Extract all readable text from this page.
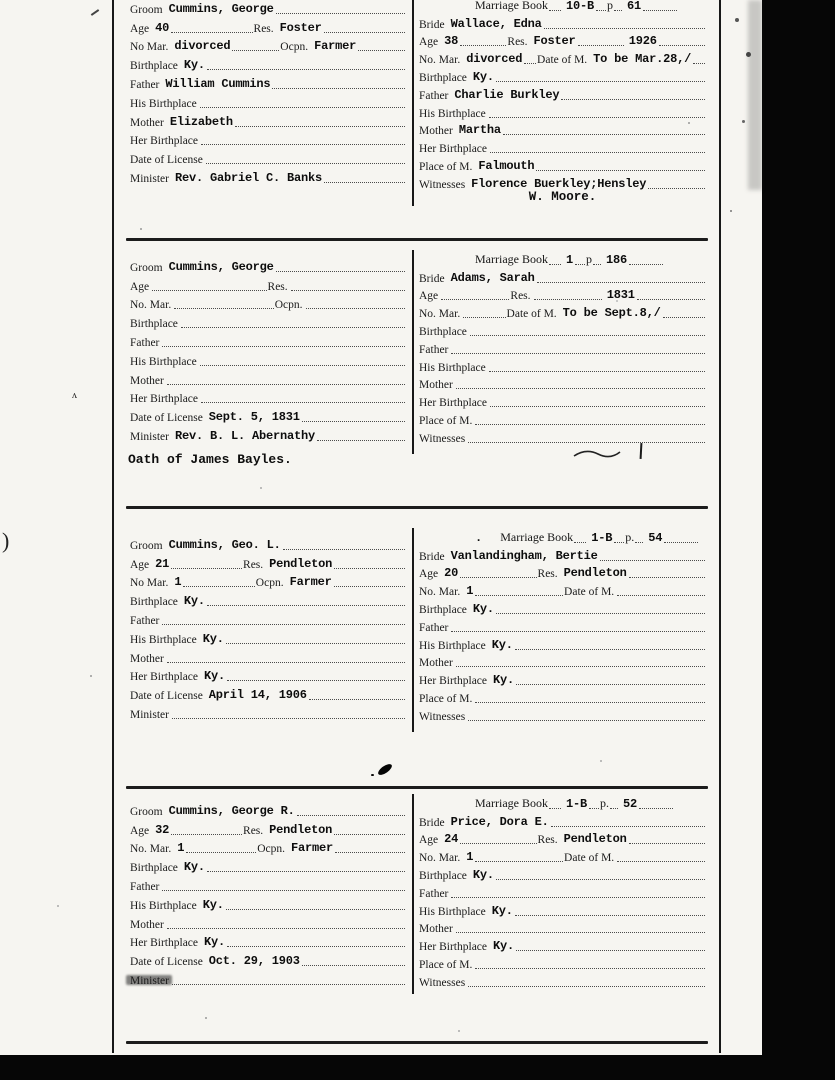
)
ʌ
Groom Cummins, George
Age 40	Res. Foster
No Mar. divorced	Ocpn. Farmer
Birthplace Ky.
Father William Cummins
His Birthplace
Mother Elizabeth
Her Birthplace
Date of License
Minister Rev. Gabriel C. Banks
Marriage Book	10-B p	61
Bride Wallace, Edna
Age 38	Res. Foster	1926
No. Mar. divorced Date of M. To be Mar.28,/
Birthplace Ky.
Father Charlie Burkley
His Birthplace
Mother Martha
Her Birthplace
Place of M. Falmouth
Witnesses Florence Buerkley;Hensley
W. Moore.
Groom Cummins, George
Age	Res.
No. Mar.	Ocpn.
Birthplace
Father
His Birthplace
Mother
Her Birthplace
Date of License Sept. 5, 1831
Minister Rev. B. L. Abernathy
Marriage Book	1 p	186
Bride Adams, Sarah
Age	Res.	1831
No. Mar.	Date of M. To be Sept.8,/
Birthplace
Father
His Birthplace
Mother
Her Birthplace
Place of M.
Witnesses
Oath of James Bayles.
Groom Cummins, Geo. L.
Age 21	Res. Pendleton
No Mar. 1	Ocpn. Farmer
Birthplace Ky.
Father
His Birthplace Ky.
Mother
Her Birthplace Ky.
Date of License April 14, 1906
Minister
. Marriage Book	1-B p.	54
Bride Vanlandingham, Bertie
Age 20	Res. Pendleton
No. Mar. 1	Date of M.
Birthplace Ky.
Father
His Birthplace Ky.
Mother
Her Birthplace Ky.
Place of M.
Witnesses
Groom Cummins, George R.
Age 32	Res. Pendleton
No. Mar. 1	Ocpn. Farmer
Birthplace Ky.
Father
His Birthplace Ky.
Mother
Her Birthplace Ky.
Date of License Oct. 29, 1903
Minister
Marriage Book	1-B p.	52
Bride Price, Dora E.
Age 24	Res. Pendleton
No. Mar. 1	Date of M.
Birthplace Ky.
Father
His Birthplace Ky.
Mother
Her Birthplace Ky.
Place of M.
Witnesses
